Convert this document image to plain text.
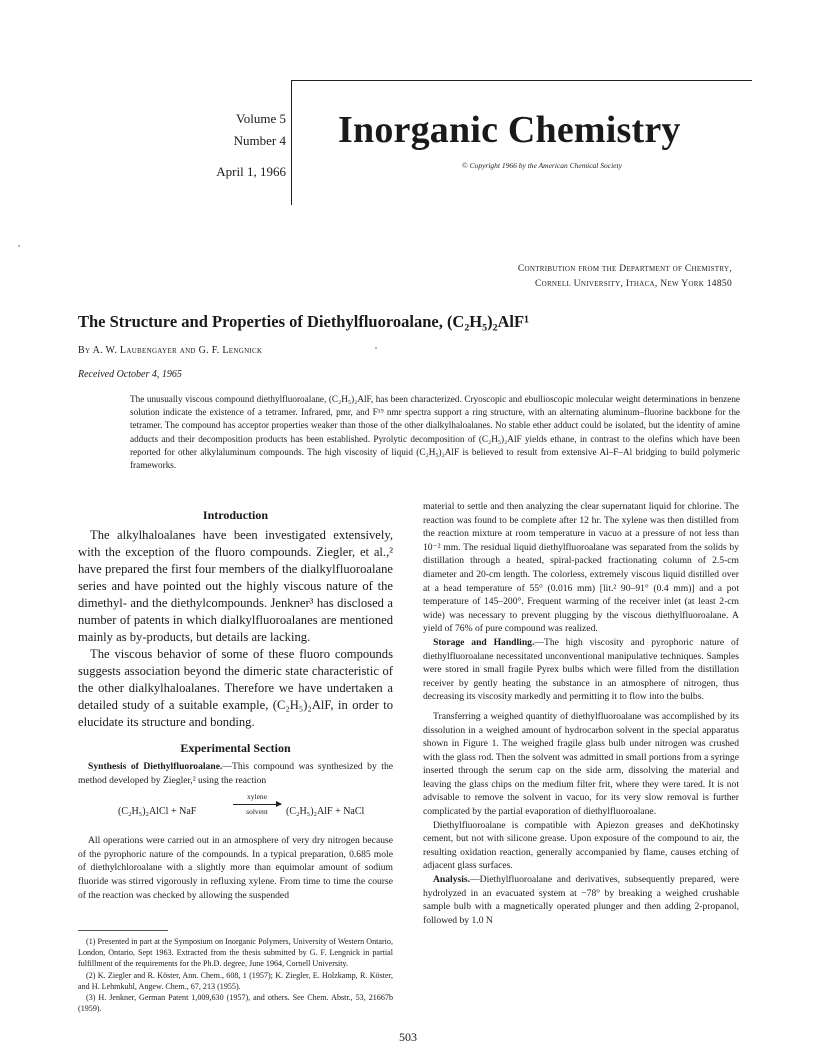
Volume 5
Number 4
April 1, 1966
Inorganic Chemistry
© Copyright 1966 by the American Chemical Society
Contribution from the Department of Chemistry,
Cornell University, Ithaca, New York 14850
The Structure and Properties of Diethylfluoroalane, (C₂H₅)₂AlF¹
By A. W. Laubengayer and G. F. Lengnick
Received October 4, 1965

The unusually viscous compound diethylfluoroalane, (C₂H₅)₂AlF, has been characterized. Cryoscopic and ebullioscopic molecular weight determinations in benzene solution indicate the existence of a tetramer. Infrared, pmr, and F¹⁹ nmr spectra support a ring structure, with an alternating aluminum–fluorine backbone for the tetramer. The compound has acceptor properties weaker than those of the other dialkylhaloalanes. No stable ether adduct could be isolated, but the identity of amine adducts and their decomposition products has been established. Pyrolytic decomposition of (C₂H₅)₂AlF yields ethane, in contrast to the olefins which have been reported for other alkylaluminum compounds. The high viscosity of liquid (C₂H₅)₂AlF is believed to result from extensive Al–F–Al bridging to build polymeric frameworks.

Introduction

The alkylhaloalanes have been investigated extensively, with the exception of the fluoro compounds. Ziegler, et al.,² have prepared the first four members of the dialkylfluoroalane series and have pointed out the highly viscous nature of the dimethyl- and the diethylcompounds. Jenkner³ has disclosed a number of patents in which dialkylfluoroalanes are mentioned mainly as by-products, but details are lacking.

The viscous behavior of some of these fluoro compounds suggests association beyond the dimeric state characteristic of the other dialkylhaloalanes. Therefore we have undertaken a detailed study of a suitable example, (C₂H₅)₂AlF, in order to elucidate its structure and bonding.

Experimental Section

Synthesis of Diethylfluoroalane.—This compound was synthesized by the method developed by Ziegler,² using the reaction

(C₂H₅)₂AlCl + NaF
xylene
solvent	(C₂H₅)₂AlF + NaCl

All operations were carried out in an atmosphere of very dry nitrogen because of the pyrophoric nature of the compounds. In a typical preparation, 0.685 mole of diethylchloroalane with a slightly more than equimolar amount of sodium fluoride was stirred vigorously in refluxing xylene. From time to time the course of the reaction was checked by allowing the suspended

(1) Presented in part at the Symposium on Inorganic Polymers, University of Western Ontario, London, Ontario, Sept 1963. Extracted from the thesis submitted by G. F. Lengnick in partial fulfillment of the requirements for the Ph.D. degree, June 1964, Cornell University.

(2) K. Ziegler and R. Köster, Ann. Chem., 608, 1 (1957); K. Ziegler, E. Holzkamp, R. Köster, and H. Lehmkuhl, Angew. Chem., 67, 213 (1955).

(3) H. Jenkner, German Patent 1,009,630 (1957), and others. See Chem. Abstr., 53, 21667b (1959).

material to settle and then analyzing the clear supernatant liquid for chlorine. The reaction was found to be complete after 12 hr. The xylene was then distilled from the reaction mixture at room temperature in vacuo at a pressure of not less than 10⁻² mm. The residual liquid diethylfluoroalane was separated from the solids by distillation through a heated, spiral-packed fractionating column of 2.5-cm diameter and 20-cm length. The colorless, extremely viscous liquid distilled over at a head temperature of 55° (0.016 mm) [lit.² 90–91° (0.4 mm)] and a pot temperature of 145–200°. Frequent warming of the receiver inlet (at least 2-cm wide) was necessary to prevent plugging by the viscous diethylfluoroalane. A yield of 76% of pure compound was realized.

Storage and Handling.—The high viscosity and pyrophoric nature of diethylfluoroalane necessitated unconventional manipulative techniques. Samples were stored in small fragile Pyrex bulbs which were filled from the distillation receiver by gently heating the substance in an atmosphere of nitrogen, thus decreasing its viscosity markedly and permitting it to flow into the bulbs.

Transferring a weighed quantity of diethylfluoroalane was accomplished by its dissolution in a weighed amount of hydrocarbon solvent in the special apparatus shown in Figure 1. The weighed fragile glass bulb under nitrogen was crushed with the glass rod. Then the solvent was admitted in small portions from a syringe inserted through the serum cap on the side arm, dissolving the material and leaving the glass chips on the medium filter frit, where they were tared. It is not advisable to remove the solvent in vacuo, for its very slow removal is further complicated by the partial evaporation of diethylfluoroalane.

Diethylfluoroalane is compatible with Apiezon greases and deKhotinsky cement, but not with silicone grease. Upon exposure of the compound to air, the resulting oxidation reaction, generally accompanied by flame, causes etching of adjacent glass surfaces.

Analysis.—Diethylfluoroalane and derivatives, subsequently prepared, were hydrolyzed in an evacuated system at −78° by breaking a weighed crushable sample bulb with a magnetically operated plunger and then adding 2-propanol, followed by 1.0 N

503
